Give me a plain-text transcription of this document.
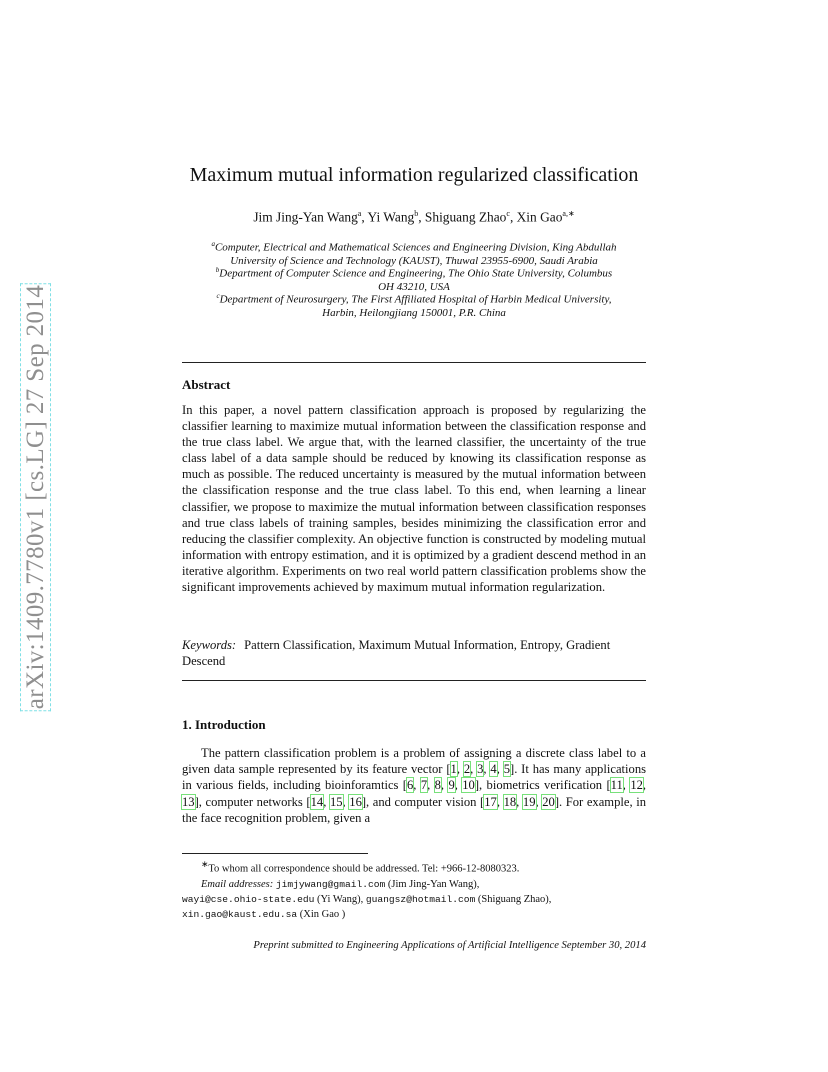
arXiv:1409.7780v1 [cs.LG] 27 Sep 2014
Maximum mutual information regularized classification
Jim Jing-Yan Wang$^a$, Yi Wang$^b$, Shiguang Zhao$^c$, Xin Gao$^{a,∗}$
$^a$Computer, Electrical and Mathematical Sciences and Engineering Division, King Abdullah
University of Science and Technology (KAUST), Thuwal 23955-6900, Saudi Arabia
$^b$Department of Computer Science and Engineering, The Ohio State University, Columbus
OH 43210, USA
$^c$Department of Neurosurgery, The First Affiliated Hospital of Harbin Medical University,
Harbin, Heilongjiang 150001, P.R. China
Abstract
In this paper, a novel pattern classification approach is proposed by regularizing the classifier learning to maximize mutual information between the classification response and the true class label. We argue that, with the learned classifier, the uncertainty of the true class label of a data sample should be reduced by knowing its classification response as much as possible. The reduced uncertainty is measured by the mutual information between the classification response and the true class label. To this end, when learning a linear classifier, we propose to maximize the mutual information between classification responses and true class labels of training samples, besides minimizing the classification error and reducing the classifier complexity. An objective function is constructed by modeling mutual information with entropy estimation, and it is optimized by a gradient descend method in an iterative algorithm. Experiments on two real world pattern classification problems show the significant improvements achieved by maximum mutual information regularization.
Keywords: Pattern Classification, Maximum Mutual Information, Entropy, Gradient Descend
1. Introduction
The pattern classification problem is a problem of assigning a discrete class label to a given data sample represented by its feature vector [1, 2, 3, 4, 5]. It has many applications in various fields, including bioinforamtics [6, 7, 8, 9, 10], biometrics verification [11, 12, 13], computer networks [14, 15, 16], and computer vision [17, 18, 19, 20]. For example, in the face recognition problem, given a
∗To whom all correspondence should be addressed. Tel: +966-12-8080323.
Email addresses: jimjywang@gmail.com (Jim Jing-Yan Wang),
wayi@cse.ohio-state.edu (Yi Wang), guangsz@hotmail.com (Shiguang Zhao),
xin.gao@kaust.edu.sa (Xin Gao )
Preprint submitted to Engineering Applications of Artificial Intelligence September 30, 2014
